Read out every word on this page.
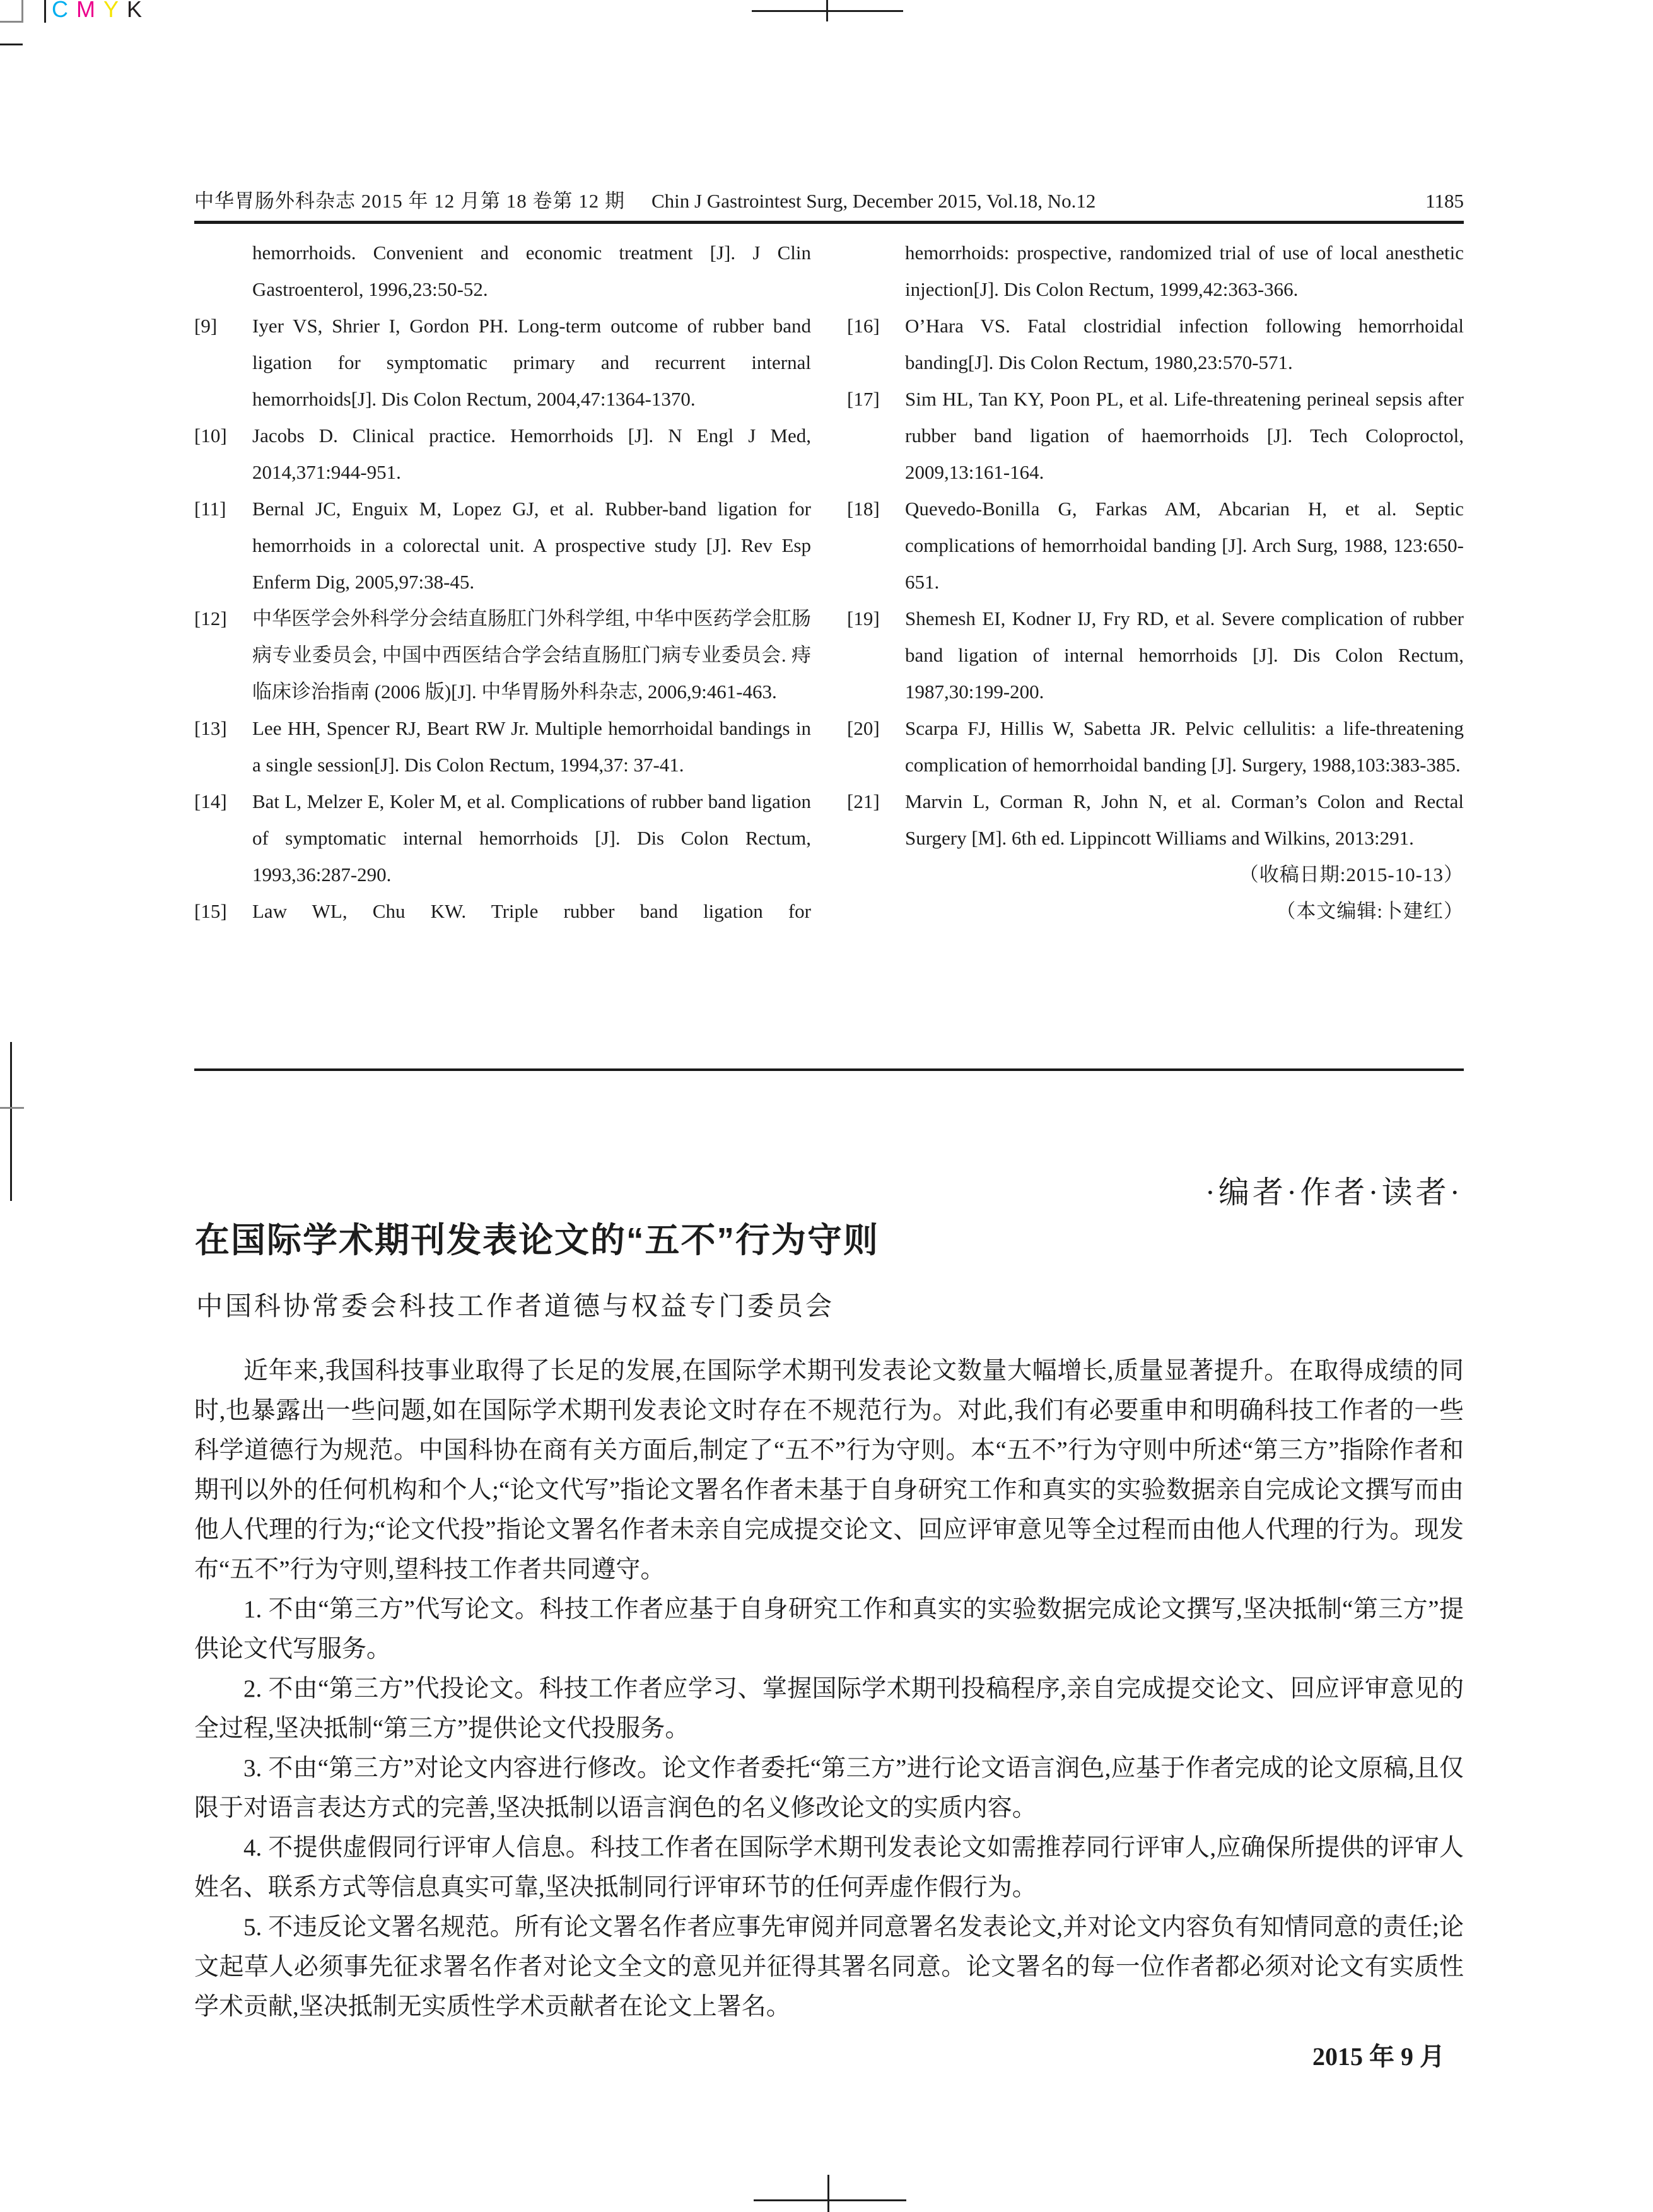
CMYK
中华胃肠外科杂志 2015 年 12 月第 18 卷第 12 期 Chin J Gastrointest Surg, December 2015, Vol.18, No.12	1185
hemorrhoids. Convenient and economic treatment [J]. J Clin Gastroenterol, 1996,23:50-52.
[9] Iyer VS, Shrier I, Gordon PH. Long-term outcome of rubber band ligation for symptomatic primary and recurrent internal hemorrhoids[J]. Dis Colon Rectum, 2004,47:1364-1370.
[10] Jacobs D. Clinical practice. Hemorrhoids [J]. N Engl J Med, 2014,371:944-951.
[11] Bernal JC, Enguix M, Lopez GJ, et al. Rubber-band ligation for hemorrhoids in a colorectal unit. A prospective study [J]. Rev Esp Enferm Dig, 2005,97:38-45.
[12] 中华医学会外科学分会结直肠肛门外科学组, 中华中医药学会肛肠病专业委员会, 中国中西医结合学会结直肠肛门病专业委员会. 痔临床诊治指南 (2006 版)[J]. 中华胃肠外科杂志, 2006,9:461-463.
[13] Lee HH, Spencer RJ, Beart RW Jr. Multiple hemorrhoidal bandings in a single session[J]. Dis Colon Rectum, 1994,37: 37-41.
[14] Bat L, Melzer E, Koler M, et al. Complications of rubber band ligation of symptomatic internal hemorrhoids [J]. Dis Colon Rectum, 1993,36:287-290.
[15] Law WL, Chu KW. Triple rubber band ligation for
hemorrhoids: prospective, randomized trial of use of local anesthetic injection[J]. Dis Colon Rectum, 1999,42:363-366.
[16] O’Hara VS. Fatal clostridial infection following hemorrhoidal banding[J]. Dis Colon Rectum, 1980,23:570-571.
[17] Sim HL, Tan KY, Poon PL, et al. Life-threatening perineal sepsis after rubber band ligation of haemorrhoids [J]. Tech Coloproctol, 2009,13:161-164.
[18] Quevedo-Bonilla G, Farkas AM, Abcarian H, et al. Septic complications of hemorrhoidal banding [J]. Arch Surg, 1988, 123:650-651.
[19] Shemesh EI, Kodner IJ, Fry RD, et al. Severe complication of rubber band ligation of internal hemorrhoids [J]. Dis Colon Rectum, 1987,30:199-200.
[20] Scarpa FJ, Hillis W, Sabetta JR. Pelvic cellulitis: a life-threatening complication of hemorrhoidal banding [J]. Surgery, 1988,103:383-385.
[21] Marvin L, Corman R, John N, et al. Corman’s Colon and Rectal Surgery [M]. 6th ed. Lippincott Williams and Wilkins, 2013:291.
（收稿日期:2015-10-13）
（本文编辑:卜建红）
·编者·作者·读者·
在国际学术期刊发表论文的“五不”行为守则
中国科协常委会科技工作者道德与权益专门委员会

近年来,我国科技事业取得了长足的发展,在国际学术期刊发表论文数量大幅增长,质量显著提升。在取得成绩的同时,也暴露出一些问题,如在国际学术期刊发表论文时存在不规范行为。对此,我们有必要重申和明确科技工作者的一些科学道德行为规范。中国科协在商有关方面后,制定了“五不”行为守则。本“五不”行为守则中所述“第三方”指除作者和期刊以外的任何机构和个人;“论文代写”指论文署名作者未基于自身研究工作和真实的实验数据亲自完成论文撰写而由他人代理的行为;“论文代投”指论文署名作者未亲自完成提交论文、回应评审意见等全过程而由他人代理的行为。现发布“五不”行为守则,望科技工作者共同遵守。

1. 不由“第三方”代写论文。科技工作者应基于自身研究工作和真实的实验数据完成论文撰写,坚决抵制“第三方”提供论文代写服务。

2. 不由“第三方”代投论文。科技工作者应学习、掌握国际学术期刊投稿程序,亲自完成提交论文、回应评审意见的全过程,坚决抵制“第三方”提供论文代投服务。

3. 不由“第三方”对论文内容进行修改。论文作者委托“第三方”进行论文语言润色,应基于作者完成的论文原稿,且仅限于对语言表达方式的完善,坚决抵制以语言润色的名义修改论文的实质内容。

4. 不提供虚假同行评审人信息。科技工作者在国际学术期刊发表论文如需推荐同行评审人,应确保所提供的评审人姓名、联系方式等信息真实可靠,坚决抵制同行评审环节的任何弄虚作假行为。

5. 不违反论文署名规范。所有论文署名作者应事先审阅并同意署名发表论文,并对论文内容负有知情同意的责任;论文起草人必须事先征求署名作者对论文全文的意见并征得其署名同意。论文署名的每一位作者都必须对论文有实质性学术贡献,坚决抵制无实质性学术贡献者在论文上署名。

2015 年 9 月
